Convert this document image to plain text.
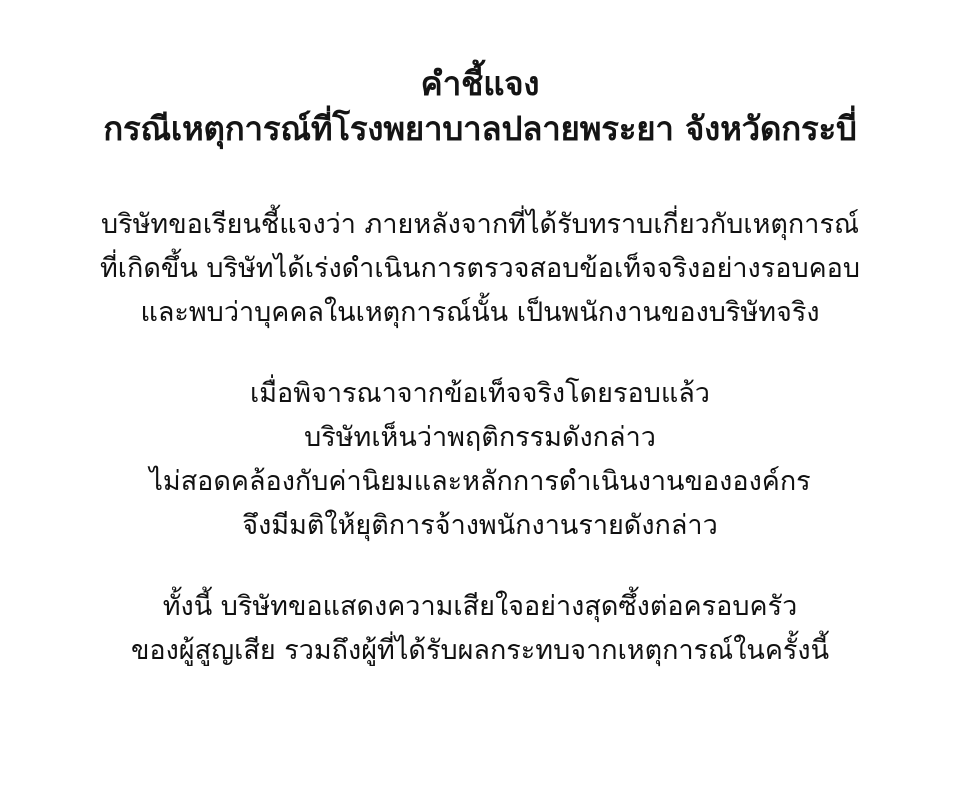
คำชี้แจง
กรณีเหตุการณ์ที่โรงพยาบาลปลายพระยา จังหวัดกระบี่
บริษัทขอเรียนชี้แจงว่า ภายหลังจากที่ได้รับทราบเกี่ยวกับเหตุการณ์
ที่เกิดขึ้น บริษัทได้เร่งดำเนินการตรวจสอบข้อเท็จจริงอย่างรอบคอบ
และพบว่าบุคคลในเหตุการณ์นั้น เป็นพนักงานของบริษัทจริง
เมื่อพิจารณาจากข้อเท็จจริงโดยรอบแล้ว
บริษัทเห็นว่าพฤติกรรมดังกล่าว
ไม่สอดคล้องกับค่านิยมและหลักการดำเนินงานขององค์กร
จึงมีมติให้ยุติการจ้างพนักงานรายดังกล่าว
ทั้งนี้ บริษัทขอแสดงความเสียใจอย่างสุดซึ้งต่อครอบครัว
ของผู้สูญเสีย รวมถึงผู้ที่ได้รับผลกระทบจากเหตุการณ์ในครั้งนี้
